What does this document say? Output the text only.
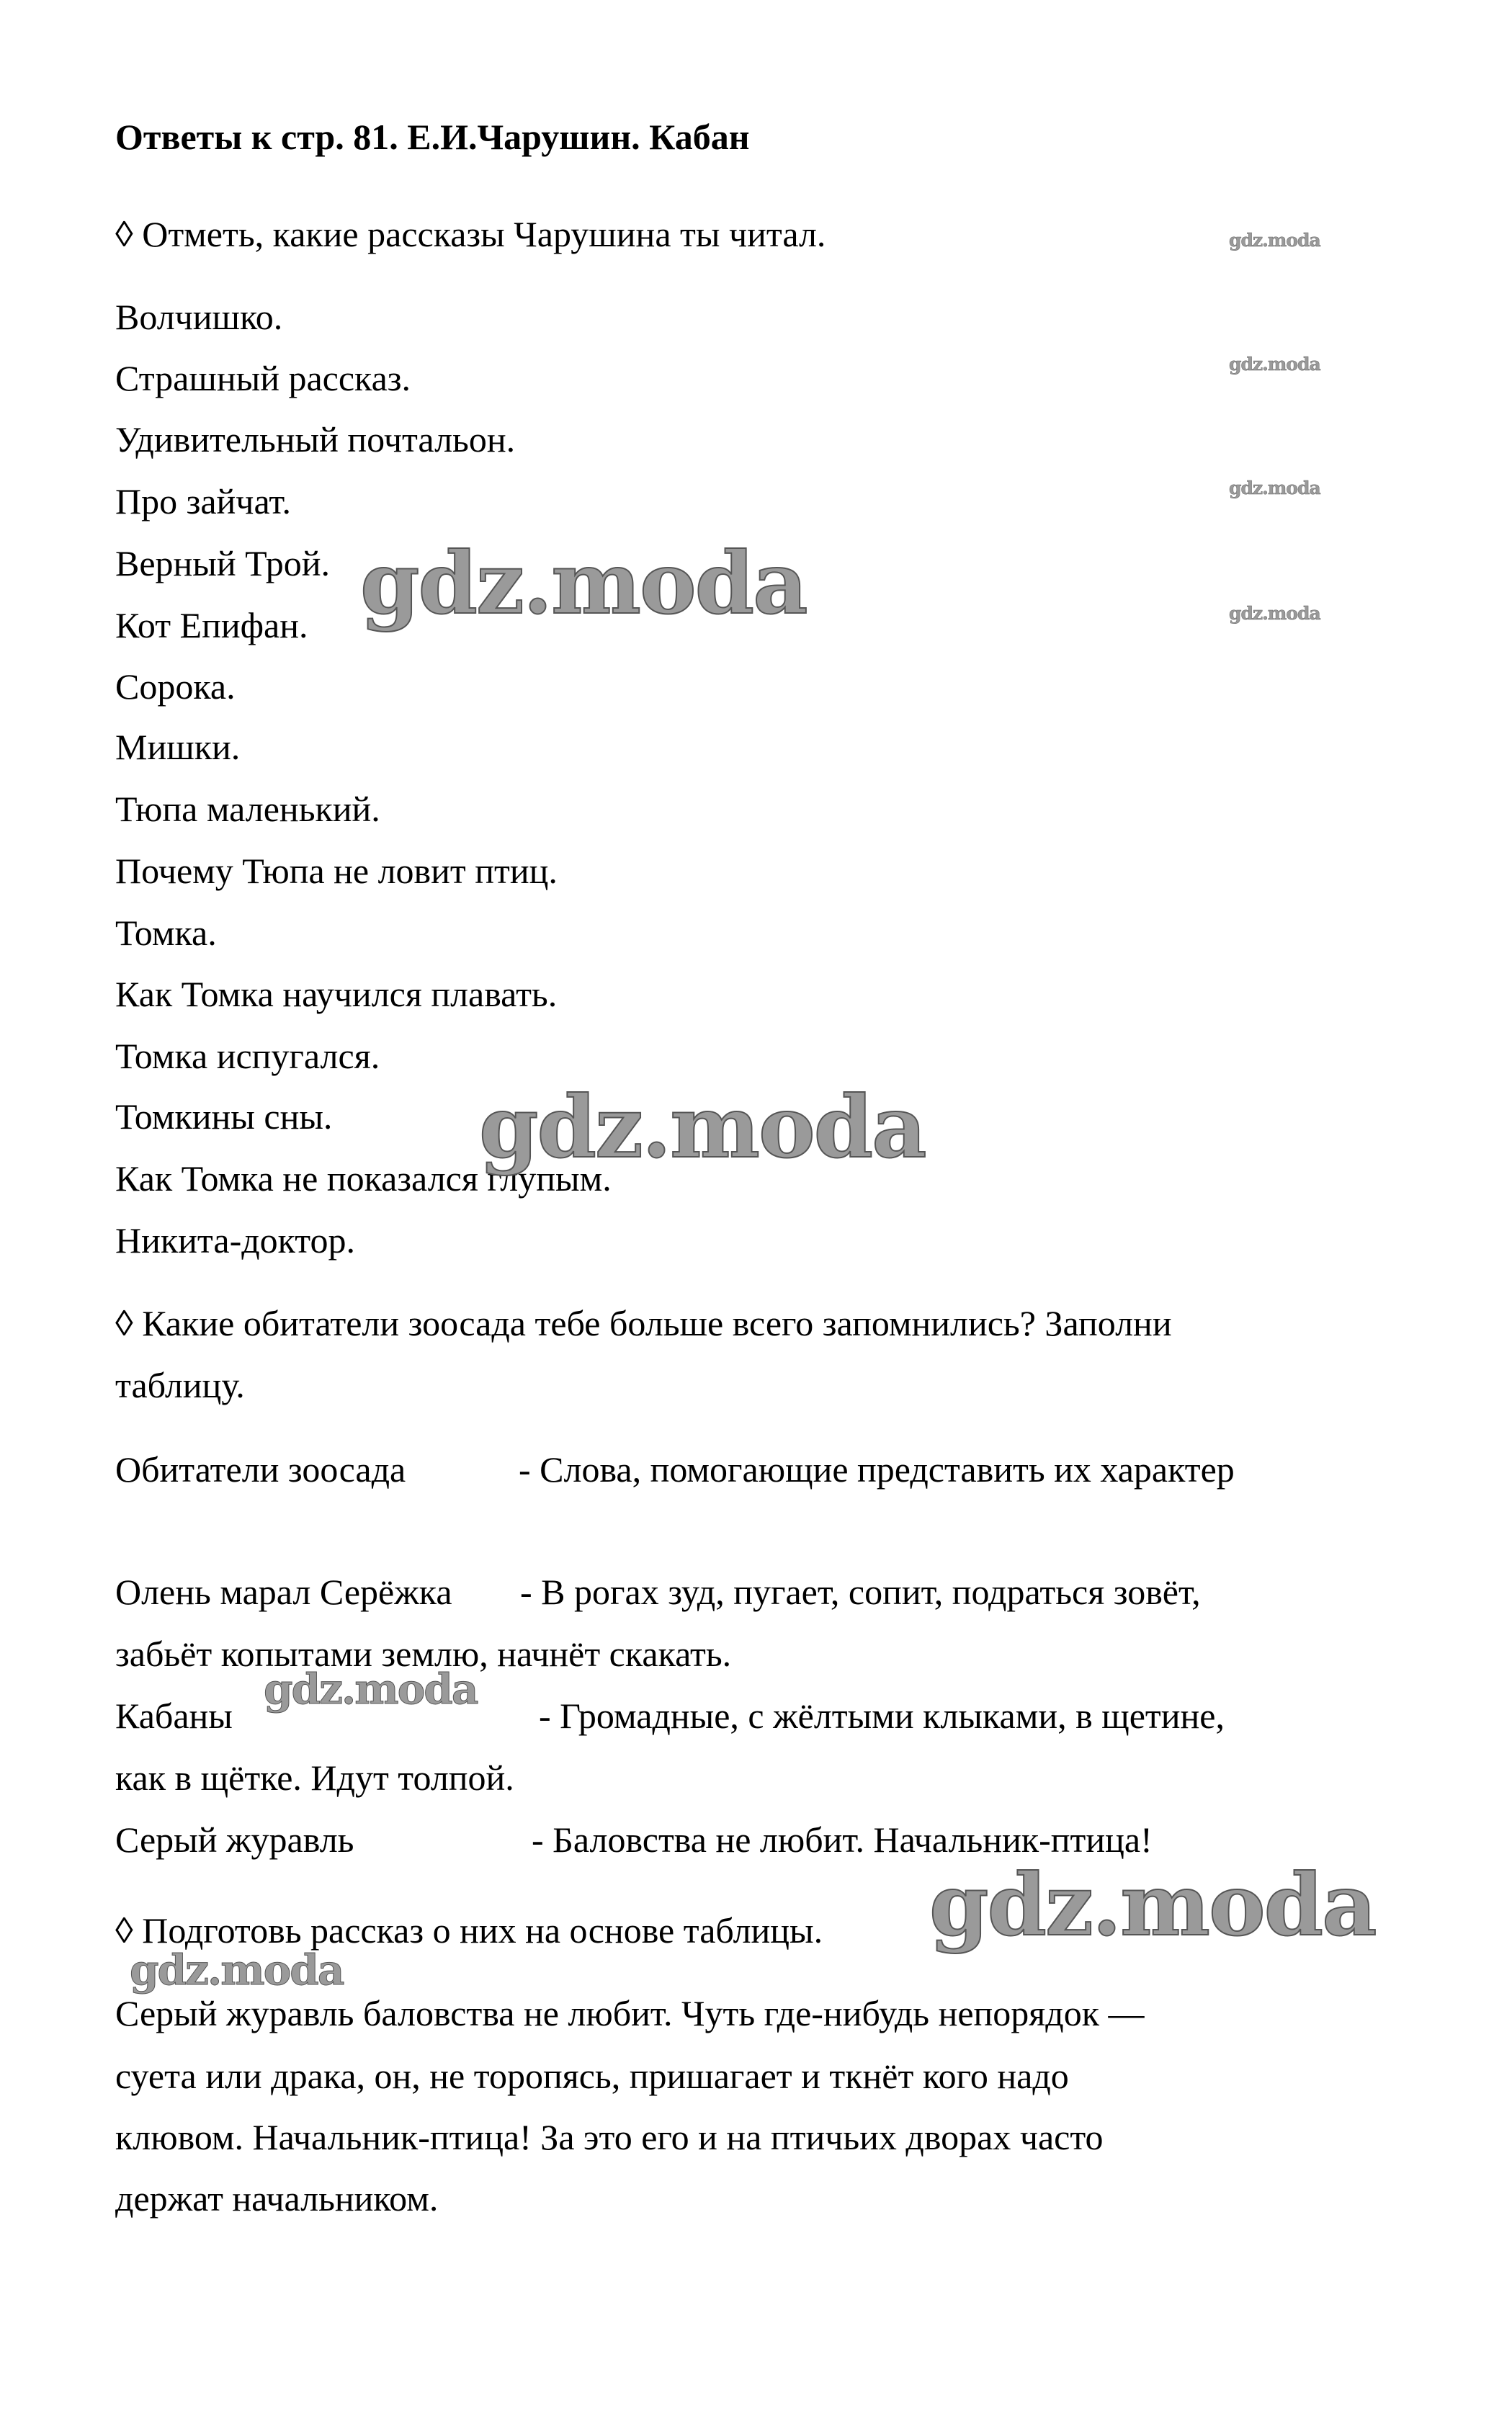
Ответы к стр. 81. Е.И.Чарушин. Кабан
◊ Отметь, какие рассказы Чарушина ты читал.
Волчишко.
Страшный рассказ.
Удивительный почтальон.
Про зайчат.
Верный Трой.
Кот Епифан.
Сорока.
Мишки.
Тюпа маленький.
Почему Тюпа не ловит птиц.
Томка.
Как Томка научился плавать.
Томка испугался.
Томкины сны.
Как Томка не показался глупым.
Никита-доктор.
◊ Какие обитатели зоосада тебе больше всего запомнились? Заполни
таблицу.
Обитатели зоосада	- Слова, помогающие представить их характер
Олень марал Серёжка - В рогах зуд, пугает, сопит, подраться зовёт,
забьёт копытами землю, начнёт скакать.
Кабаны	- Громадные, с жёлтыми клыками, в щетине,
как в щётке. Идут толпой.
Серый журавль	- Баловства не любит. Начальник-птица!
◊ Подготовь рассказ о них на основе таблицы.
Серый журавль баловства не любит. Чуть где-нибудь непорядок —
суета или драка, он, не торопясь, пришагает и ткнёт кого надо
клювом. Начальник-птица! За это его и на птичьих дворах часто
держат начальником.
gdz.moda
gdz.moda
gdz.moda
gdz.moda
gdz.moda
gdz.moda
gdz.moda
gdz.moda
gdz.moda
